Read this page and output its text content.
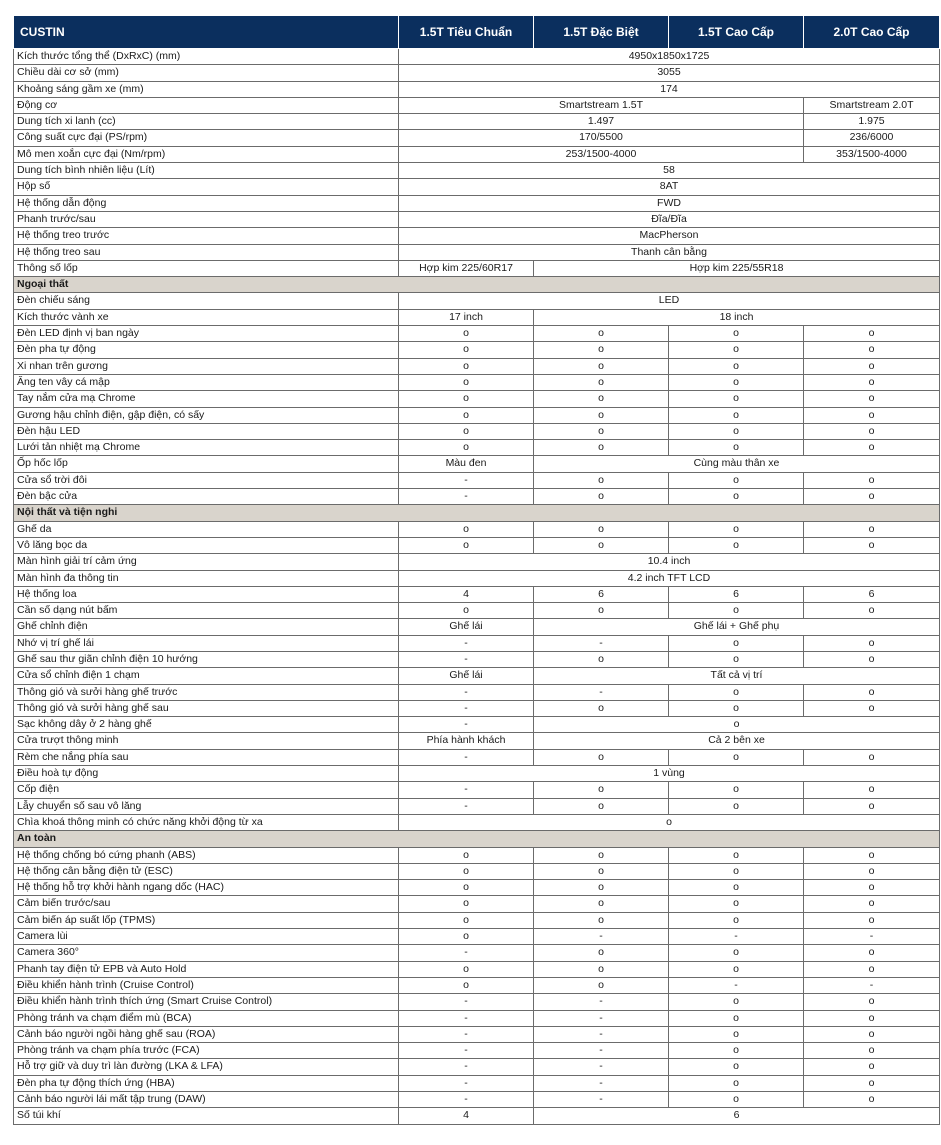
CUSTIN	1.5T Tiêu Chuẩn	1.5T Đặc Biệt	1.5T Cao Cấp	2.0T Cao Cấp
Kích thước tổng thể (DxRxC) (mm)	4950x1850x1725			
Chiều dài cơ sở (mm)	3055			
Khoảng sáng gầm xe (mm)	174			
Động cơ	Smartstream 1.5T			Smartstream 2.0T
Dung tích xi lanh (cc)	1.497			1.975
Công suất cực đại (PS/rpm)	170/5500			236/6000
Mô men xoắn cực đại (Nm/rpm)	253/1500-4000			353/1500-4000
Dung tích bình nhiên liệu (Lít)	58			
Hộp số	8AT			
Hệ thống dẫn động	FWD			
Phanh trước/sau	Đĩa/Đĩa			
Hệ thống treo trước	MacPherson			
Hệ thống treo sau	Thanh cân bằng			
Thông số lốp	Hợp kim 225/60R17	Hợp kim 225/55R18		
Ngoại thất				
Đèn chiếu sáng	LED			
Kích thước vành xe	17 inch	18 inch		
Đèn LED định vị ban ngày	o	o	o	o
Đèn pha tự động	o	o	o	o
Xi nhan trên gương	o	o	o	o
Ăng ten vây cá mập	o	o	o	o
Tay nắm cửa mạ Chrome	o	o	o	o
Gương hậu chỉnh điện, gập điện, có sấy	o	o	o	o
Đèn hậu LED	o	o	o	o
Lưới tản nhiệt mạ Chrome	o	o	o	o
Ốp hốc lốp	Màu đen	Cùng màu thân xe		
Cửa sổ trời đôi	-	o	o	o
Đèn bậc cửa	-	o	o	o
Nội thất và tiện nghi				
Ghế da	o	o	o	o
Vô lăng bọc da	o	o	o	o
Màn hình giải trí cảm ứng	10.4 inch			
Màn hình đa thông tin	4.2 inch TFT LCD			
Hệ thống loa	4	6	6	6
Cần số dạng nút bấm	o	o	o	o
Ghế chỉnh điện	Ghế lái	Ghế lái + Ghế phụ		
Nhớ vị trí ghế lái	-	-	o	o
Ghế sau thư giãn chỉnh điện 10 hướng	-	o	o	o
Cửa sổ chỉnh điện 1 chạm	Ghế lái	Tất cả vị trí		
Thông gió và sưởi hàng ghế trước	-	-	o	o
Thông gió và sưởi hàng ghế sau	-	o	o	o
Sạc không dây ở 2 hàng ghế	-	o		
Cửa trượt thông minh	Phía hành khách	Cả 2 bên xe		
Rèm che nắng phía sau	-	o	o	o
Điều hoà tự động	1 vùng			
Cốp điện	-	o	o	o
Lẫy chuyển số sau vô lăng	-	o	o	o
Chìa khoá thông minh có chức năng khởi động từ xa	o			
An toàn				
Hệ thống chống bó cứng phanh (ABS)	o	o	o	o
Hệ thống cân bằng điện tử (ESC)	o	o	o	o
Hệ thống hỗ trợ khởi hành ngang dốc (HAC)	o	o	o	o
Cảm biến trước/sau	o	o	o	o
Cảm biến áp suất lốp (TPMS)	o	o	o	o
Camera lùi	o	-	-	-
Camera 360°	-	o	o	o
Phanh tay điện tử EPB và Auto Hold	o	o	o	o
Điều khiển hành trình (Cruise Control)	o	o	-	-
Điều khiển hành trình thích ứng (Smart Cruise Control)	-	-	o	o
Phòng tránh va chạm điểm mù (BCA)	-	-	o	o
Cảnh báo người ngồi hàng ghế sau (ROA)	-	-	o	o
Phòng tránh va chạm phía trước (FCA)	-	-	o	o
Hỗ trợ giữ và duy trì làn đường (LKA & LFA)	-	-	o	o
Đèn pha tự động thích ứng (HBA)	-	-	o	o
Cảnh báo người lái mất tập trung (DAW)	-	-	o	o
Số túi khí	4	6		
